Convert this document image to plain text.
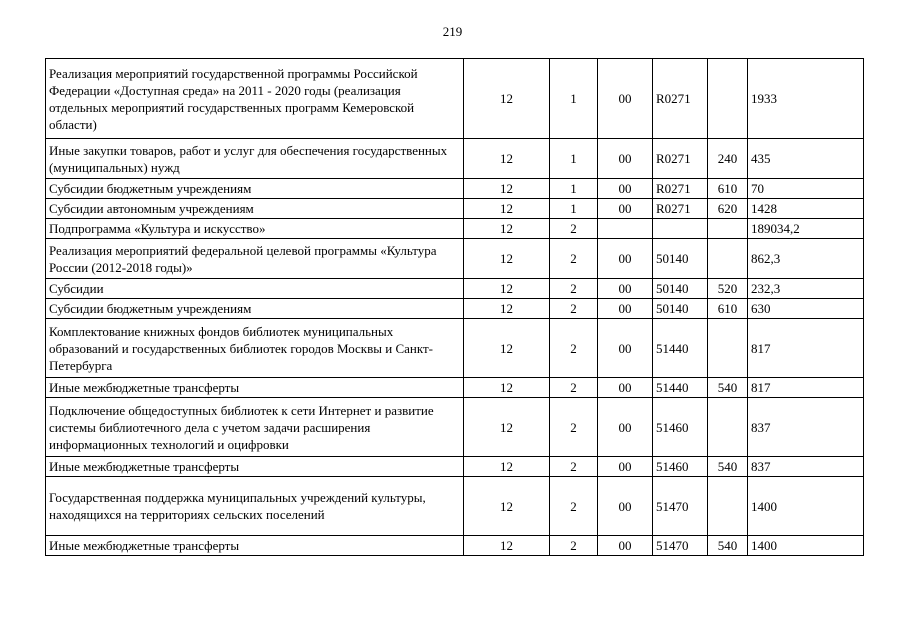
219
Реализация мероприятий государственной программы Российской Федерации «Доступная среда» на 2011 - 2020 годы (реализация отдельных мероприятий государственных программ Кемеровской области)	12	1	00	R0271		1933
Иные закупки товаров, работ и услуг для обеспечения государственных (муниципальных) нужд	12	1	00	R0271	240	435
Субсидии бюджетным учреждениям	12	1	00	R0271	610	70
Субсидии автономным учреждениям	12	1	00	R0271	620	1428
Подпрограмма «Культура и искусство»	12	2				189034,2
Реализация мероприятий федеральной целевой программы «Культура России (2012-2018 годы)»	12	2	00	50140		862,3
Субсидии	12	2	00	50140	520	232,3
Субсидии бюджетным учреждениям	12	2	00	50140	610	630
Комплектование книжных фондов библиотек муниципальных образований и государственных библиотек городов Москвы и Санкт-Петербурга	12	2	00	51440		817
Иные межбюджетные трансферты	12	2	00	51440	540	817
Подключение общедоступных библиотек к сети Интернет и развитие системы библиотечного дела с учетом задачи расширения информационных технологий и оцифровки	12	2	00	51460		837
Иные межбюджетные трансферты	12	2	00	51460	540	837
Государственная поддержка муниципальных учреждений культуры, находящихся на территориях сельских поселений	12	2	00	51470		1400
Иные межбюджетные трансферты	12	2	00	51470	540	1400
